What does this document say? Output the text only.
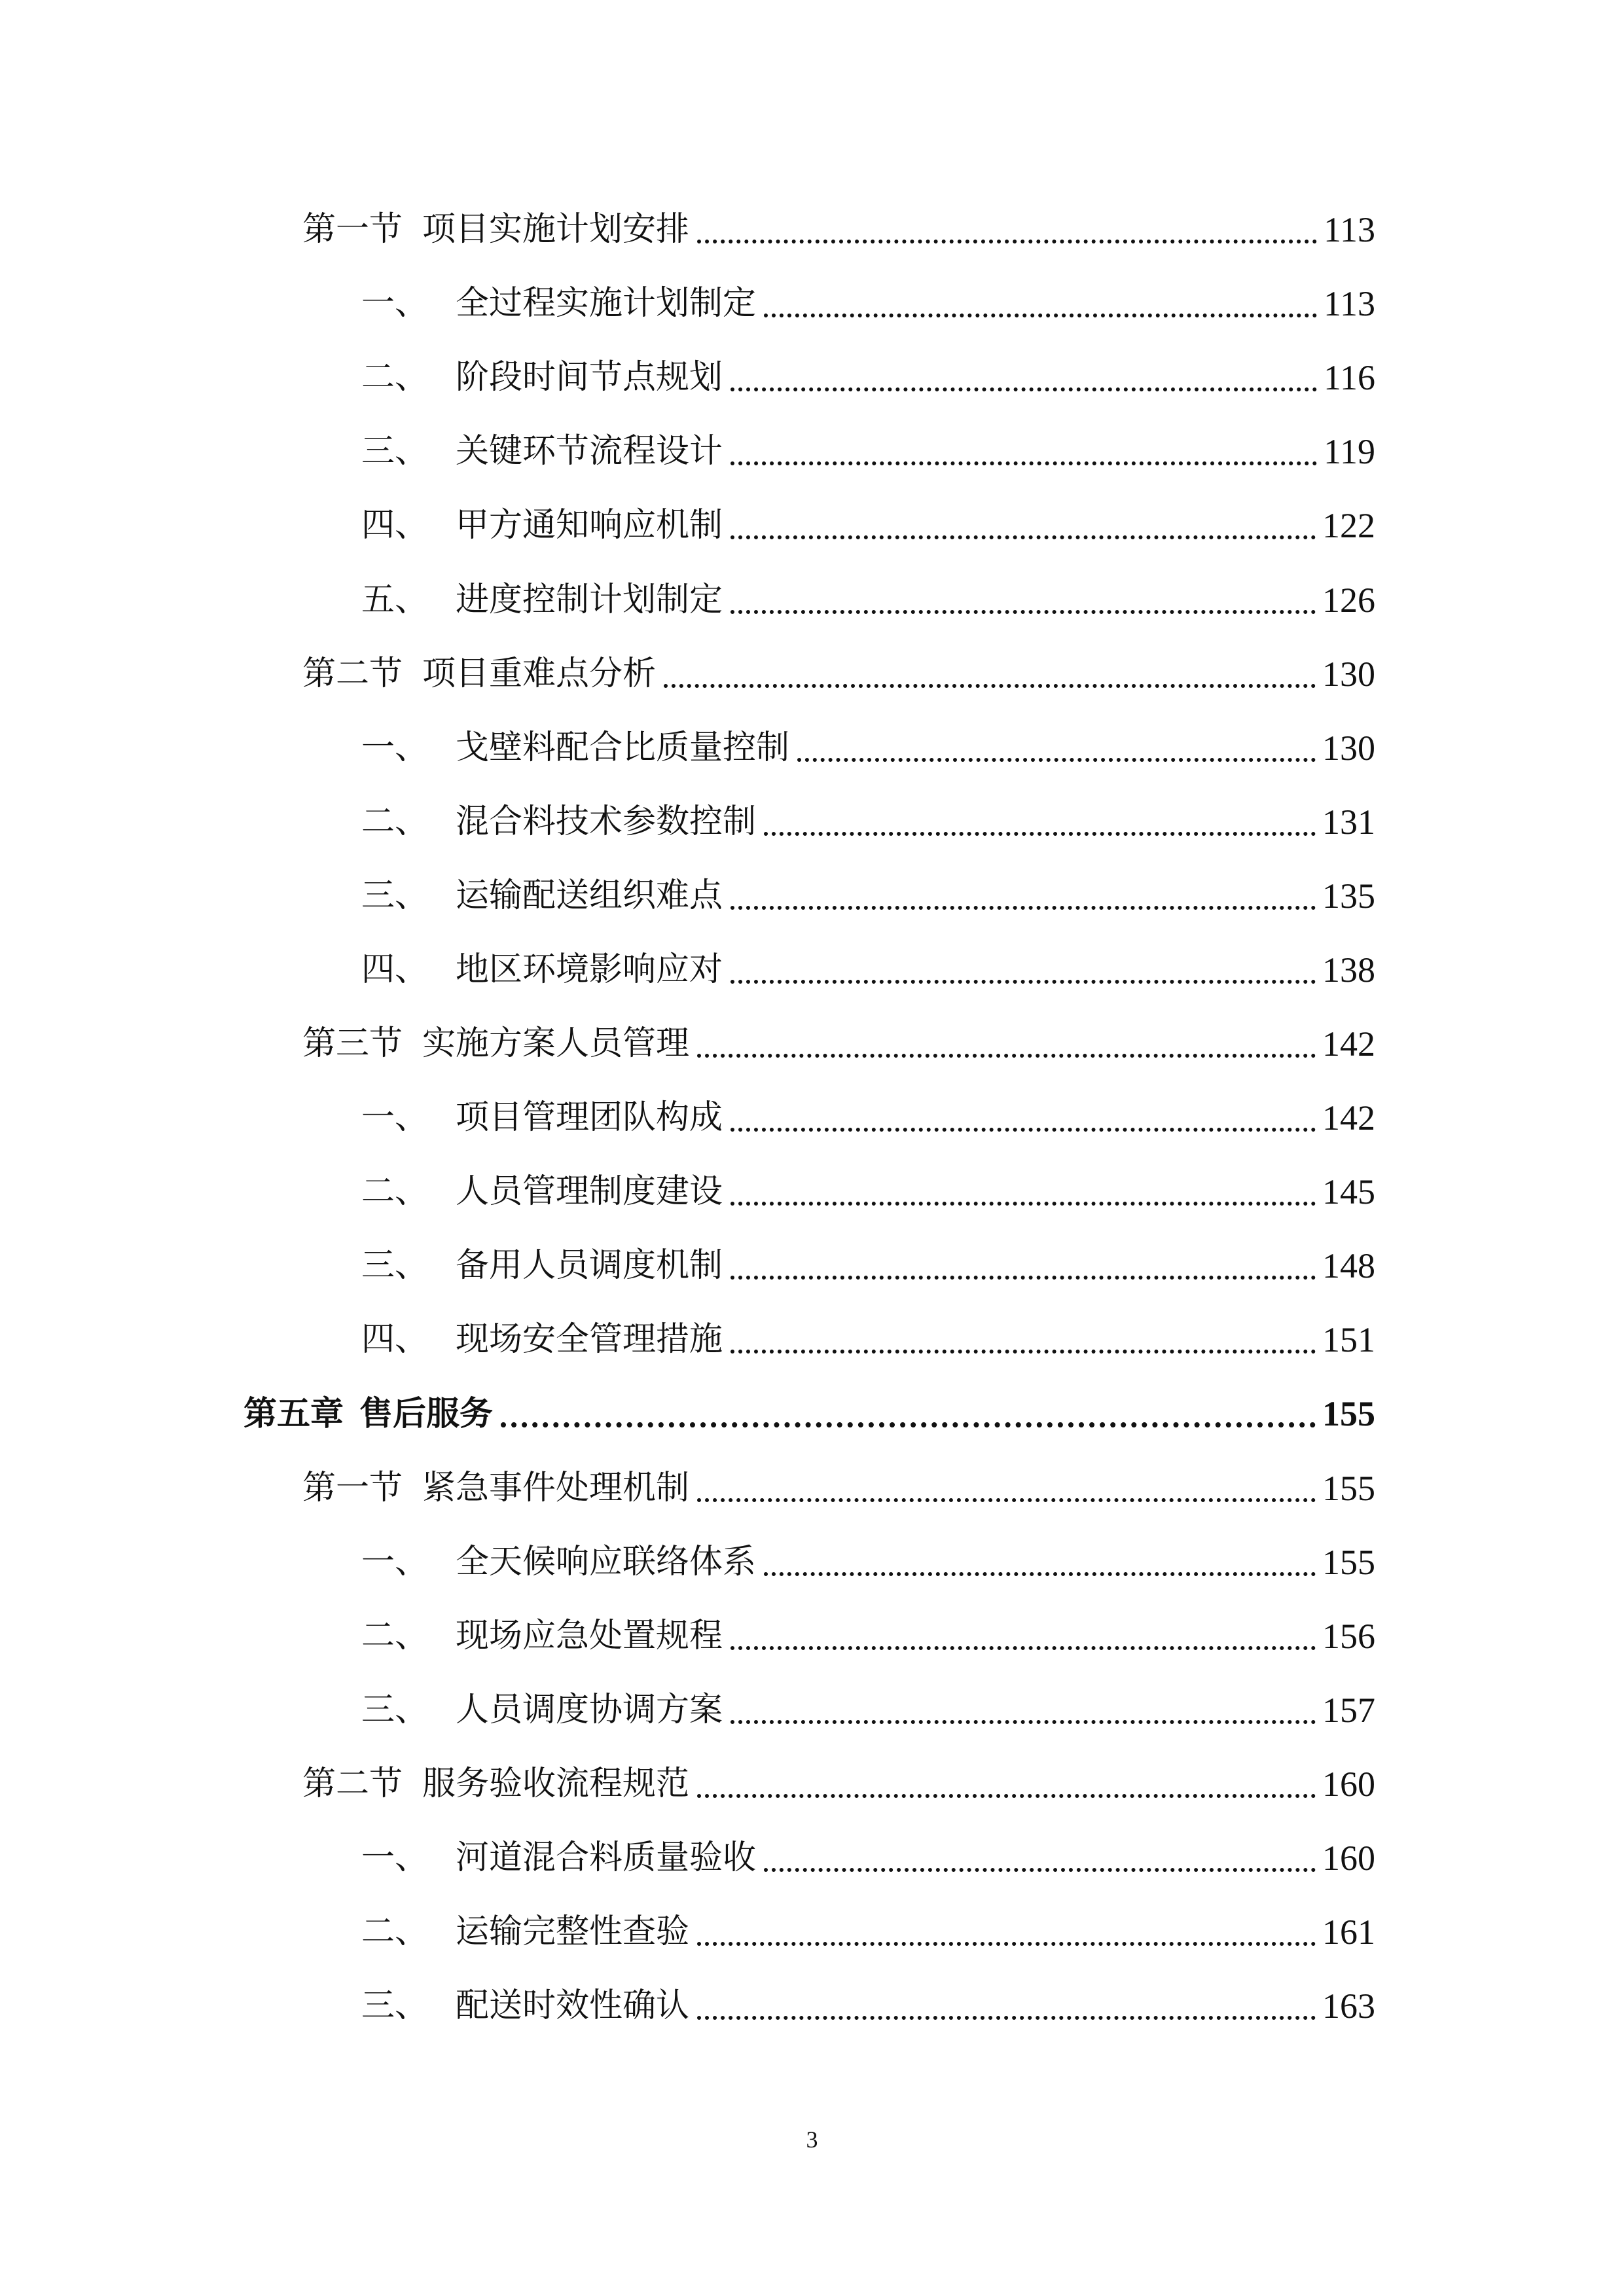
第一节 项目实施计划安排	113
一、 全过程实施计划制定	113
二、 阶段时间节点规划	116
三、 关键环节流程设计	119
四、 甲方通知响应机制	122
五、 进度控制计划制定	126
第二节 项目重难点分析	130
一、 戈壁料配合比质量控制	130
二、 混合料技术参数控制	131
三、 运输配送组织难点	135
四、 地区环境影响应对	138
第三节 实施方案人员管理	142
一、 项目管理团队构成	142
二、 人员管理制度建设	145
三、 备用人员调度机制	148
四、 现场安全管理措施	151
第五章 售后服务	155
第一节 紧急事件处理机制	155
一、 全天候响应联络体系	155
二、 现场应急处置规程	156
三、 人员调度协调方案	157
第二节 服务验收流程规范	160
一、 河道混合料质量验收	160
二、 运输完整性查验	161
三、 配送时效性确认	163
3
